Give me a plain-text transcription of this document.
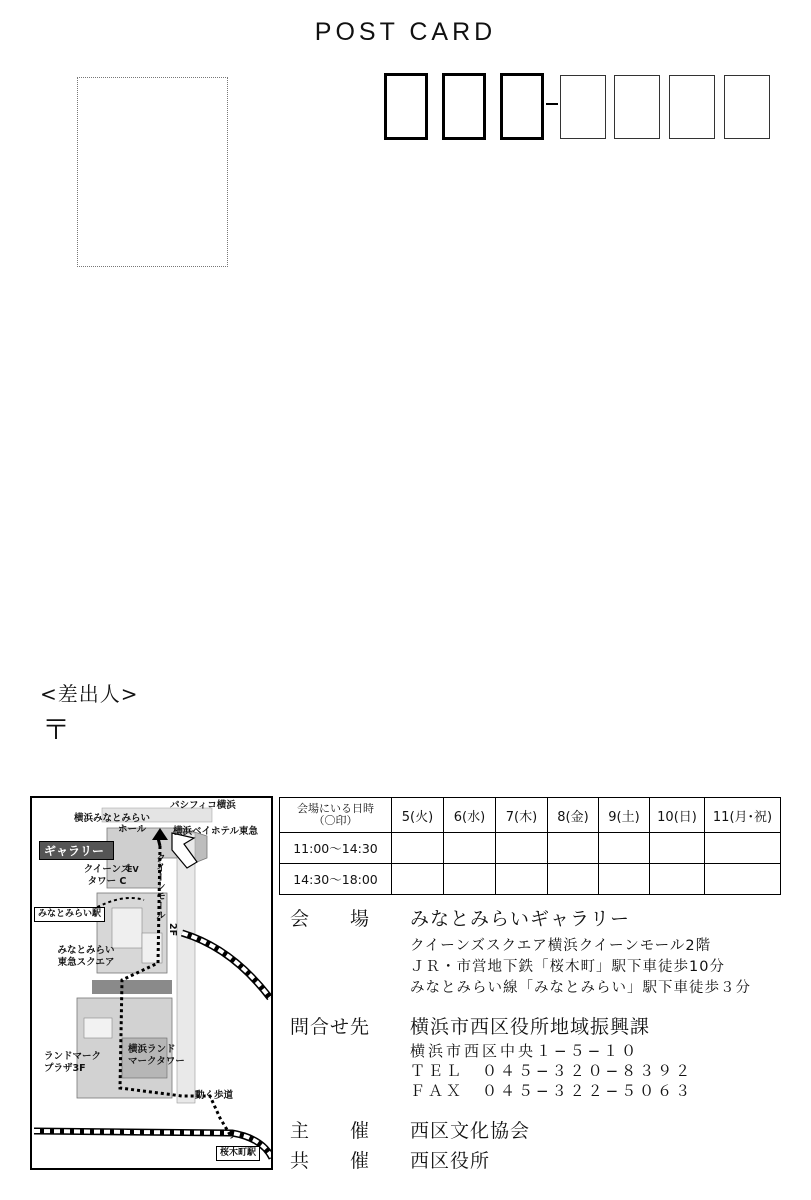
POST CARD
<差出人>
〒
パシフィコ横浜
横浜みなとみらい
ホール	横浜ベイホテル東急
ギャラリー
クイーンズ
タワー C
EV クイーンモール
2F
みなとみらい駅
みなとみらい
東急スクエア
ランドマーク
プラザ3F
横浜ランド
マークタワー
動く歩道
桜木町駅
会場にいる日時
（〇印）	5(火)	6(水)	7(木)	8(金)	9(土)	10(日)	11(月･祝)
11:00〜14:30							
14:30〜18:00							
会　　場 みなとみらいギャラリー
クイーンズスクエア横浜クイーンモール2階
ＪＲ・市営地下鉄「桜木町」駅下車徒歩10分
みなとみらい線「みなとみらい」駅下車徒歩３分
問合せ先 横浜市西区役所地域振興課
横浜市西区中央１−５−１０
ＴＥＬ　０４５−３２０−８３９２
ＦＡＸ　０４５−３２２−５０６３
主　　催 西区文化協会
共　　催 西区役所
